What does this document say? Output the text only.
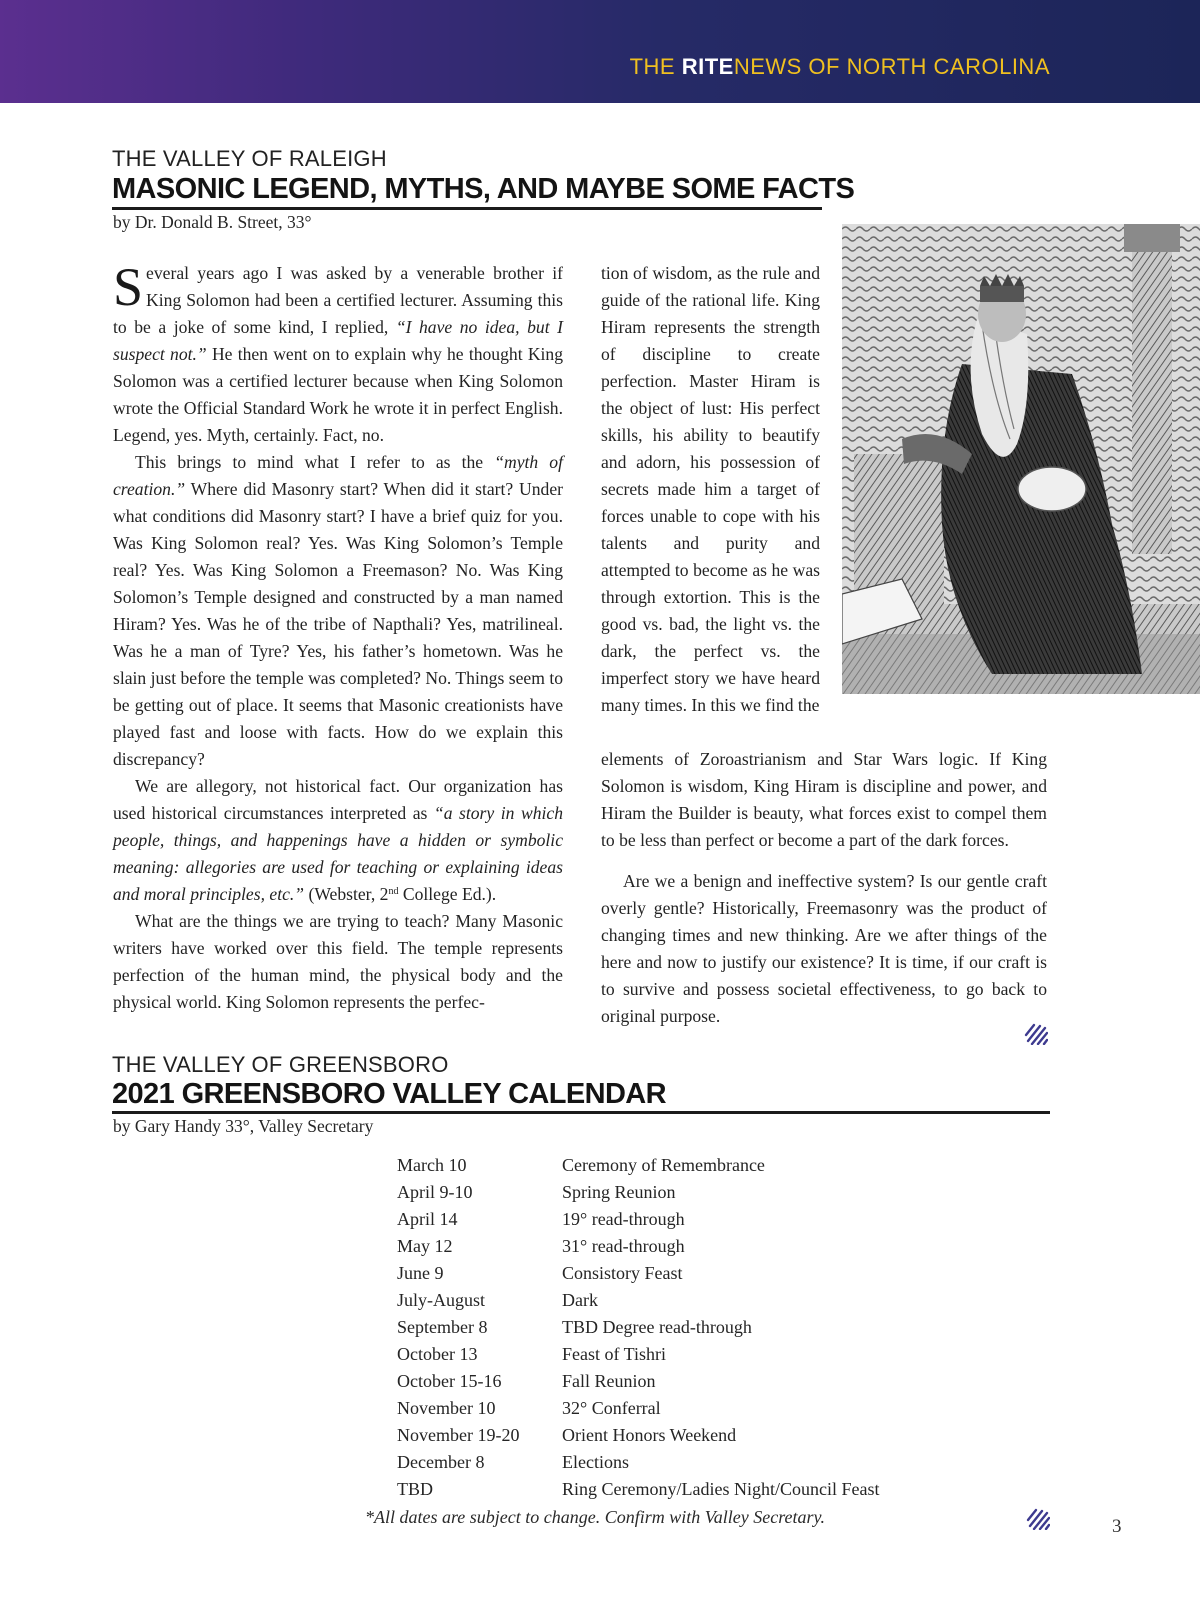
THE RITENEWS OF NORTH CAROLINA
THE VALLEY OF RALEIGH
MASONIC LEGEND, MYTHS, AND MAYBE SOME FACTS
by Dr. Donald B. Street, 33°

Several years ago I was asked by a venerable brother if King Solomon had been a certified lecturer. Assuming this to be a joke of some kind, I replied, “I have no idea, but I suspect not.” He then went on to explain why he thought King Solomon was a certified lecturer because when King Solomon wrote the Official Standard Work he wrote it in perfect English. Legend, yes. Myth, certainly. Fact, no.

This brings to mind what I refer to as the “myth of creation.” Where did Masonry start? When did it start? Under what conditions did Masonry start? I have a brief quiz for you. Was King Solomon real? Yes. Was King Solomon’s Temple real? Yes. Was King Solomon a Freemason? No. Was King Solomon’s Temple designed and constructed by a man named Hiram? Yes. Was he of the tribe of Napthali? Yes, matrilineal. Was he a man of Tyre? Yes, his father’s hometown. Was he slain just before the temple was completed? No. Things seem to be getting out of place. It seems that Masonic creationists have played fast and loose with facts. How do we explain this discrepancy?

We are allegory, not historical fact. Our organization has used historical circumstances interpreted as “a story in which people, things, and happenings have a hidden or symbolic meaning: allegories are used for teaching or explaining ideas and moral principles, etc.” (Webster, 2nd College Ed.).

What are the things we are trying to teach? Many Masonic writers have worked over this field. The temple represents perfection of the human mind, the physical body and the physical world. King Solomon represents the perfec-

tion of wisdom, as the rule and guide of the rational life. King Hiram represents the strength of discipline to create perfection. Master Hiram is the object of lust: His perfect skills, his ability to beautify and adorn, his possession of secrets made him a target of forces unable to cope with his talents and purity and attempted to become as he was through extortion. This is the good vs. bad, the light vs. the dark, the perfect vs. the imperfect story we have heard many times. In this we find the

elements of Zoroastrianism and Star Wars logic. If King Solomon is wisdom, King Hiram is discipline and power, and Hiram the Builder is beauty, what forces exist to compel them to be less than perfect or become a part of the dark forces.

Are we a benign and ineffective system? Is our gentle craft overly gentle? Historically, Freemasonry was the product of changing times and new thinking. Are we after things of the here and now to justify our existence? It is time, if our craft is to survive and possess societal effectiveness, to go back to original purpose.

THE VALLEY OF GREENSBORO
2021 GREENSBORO VALLEY CALENDAR
by Gary Handy 33°, Valley Secretary
March 10	Ceremony of Remembrance
April 9-10	Spring Reunion
April 14	19° read-through
May 12	31° read-through
June 9	Consistory Feast
July-August	Dark
September 8	TBD Degree read-through
October 13	Feast of Tishri
October 15-16	Fall Reunion
November 10	32° Conferral
November 19-20 Orient Honors Weekend
December 8	Elections
TBD	Ring Ceremony/Ladies Night/Council Feast
*All dates are subject to change. Confirm with Valley Secretary.	3
